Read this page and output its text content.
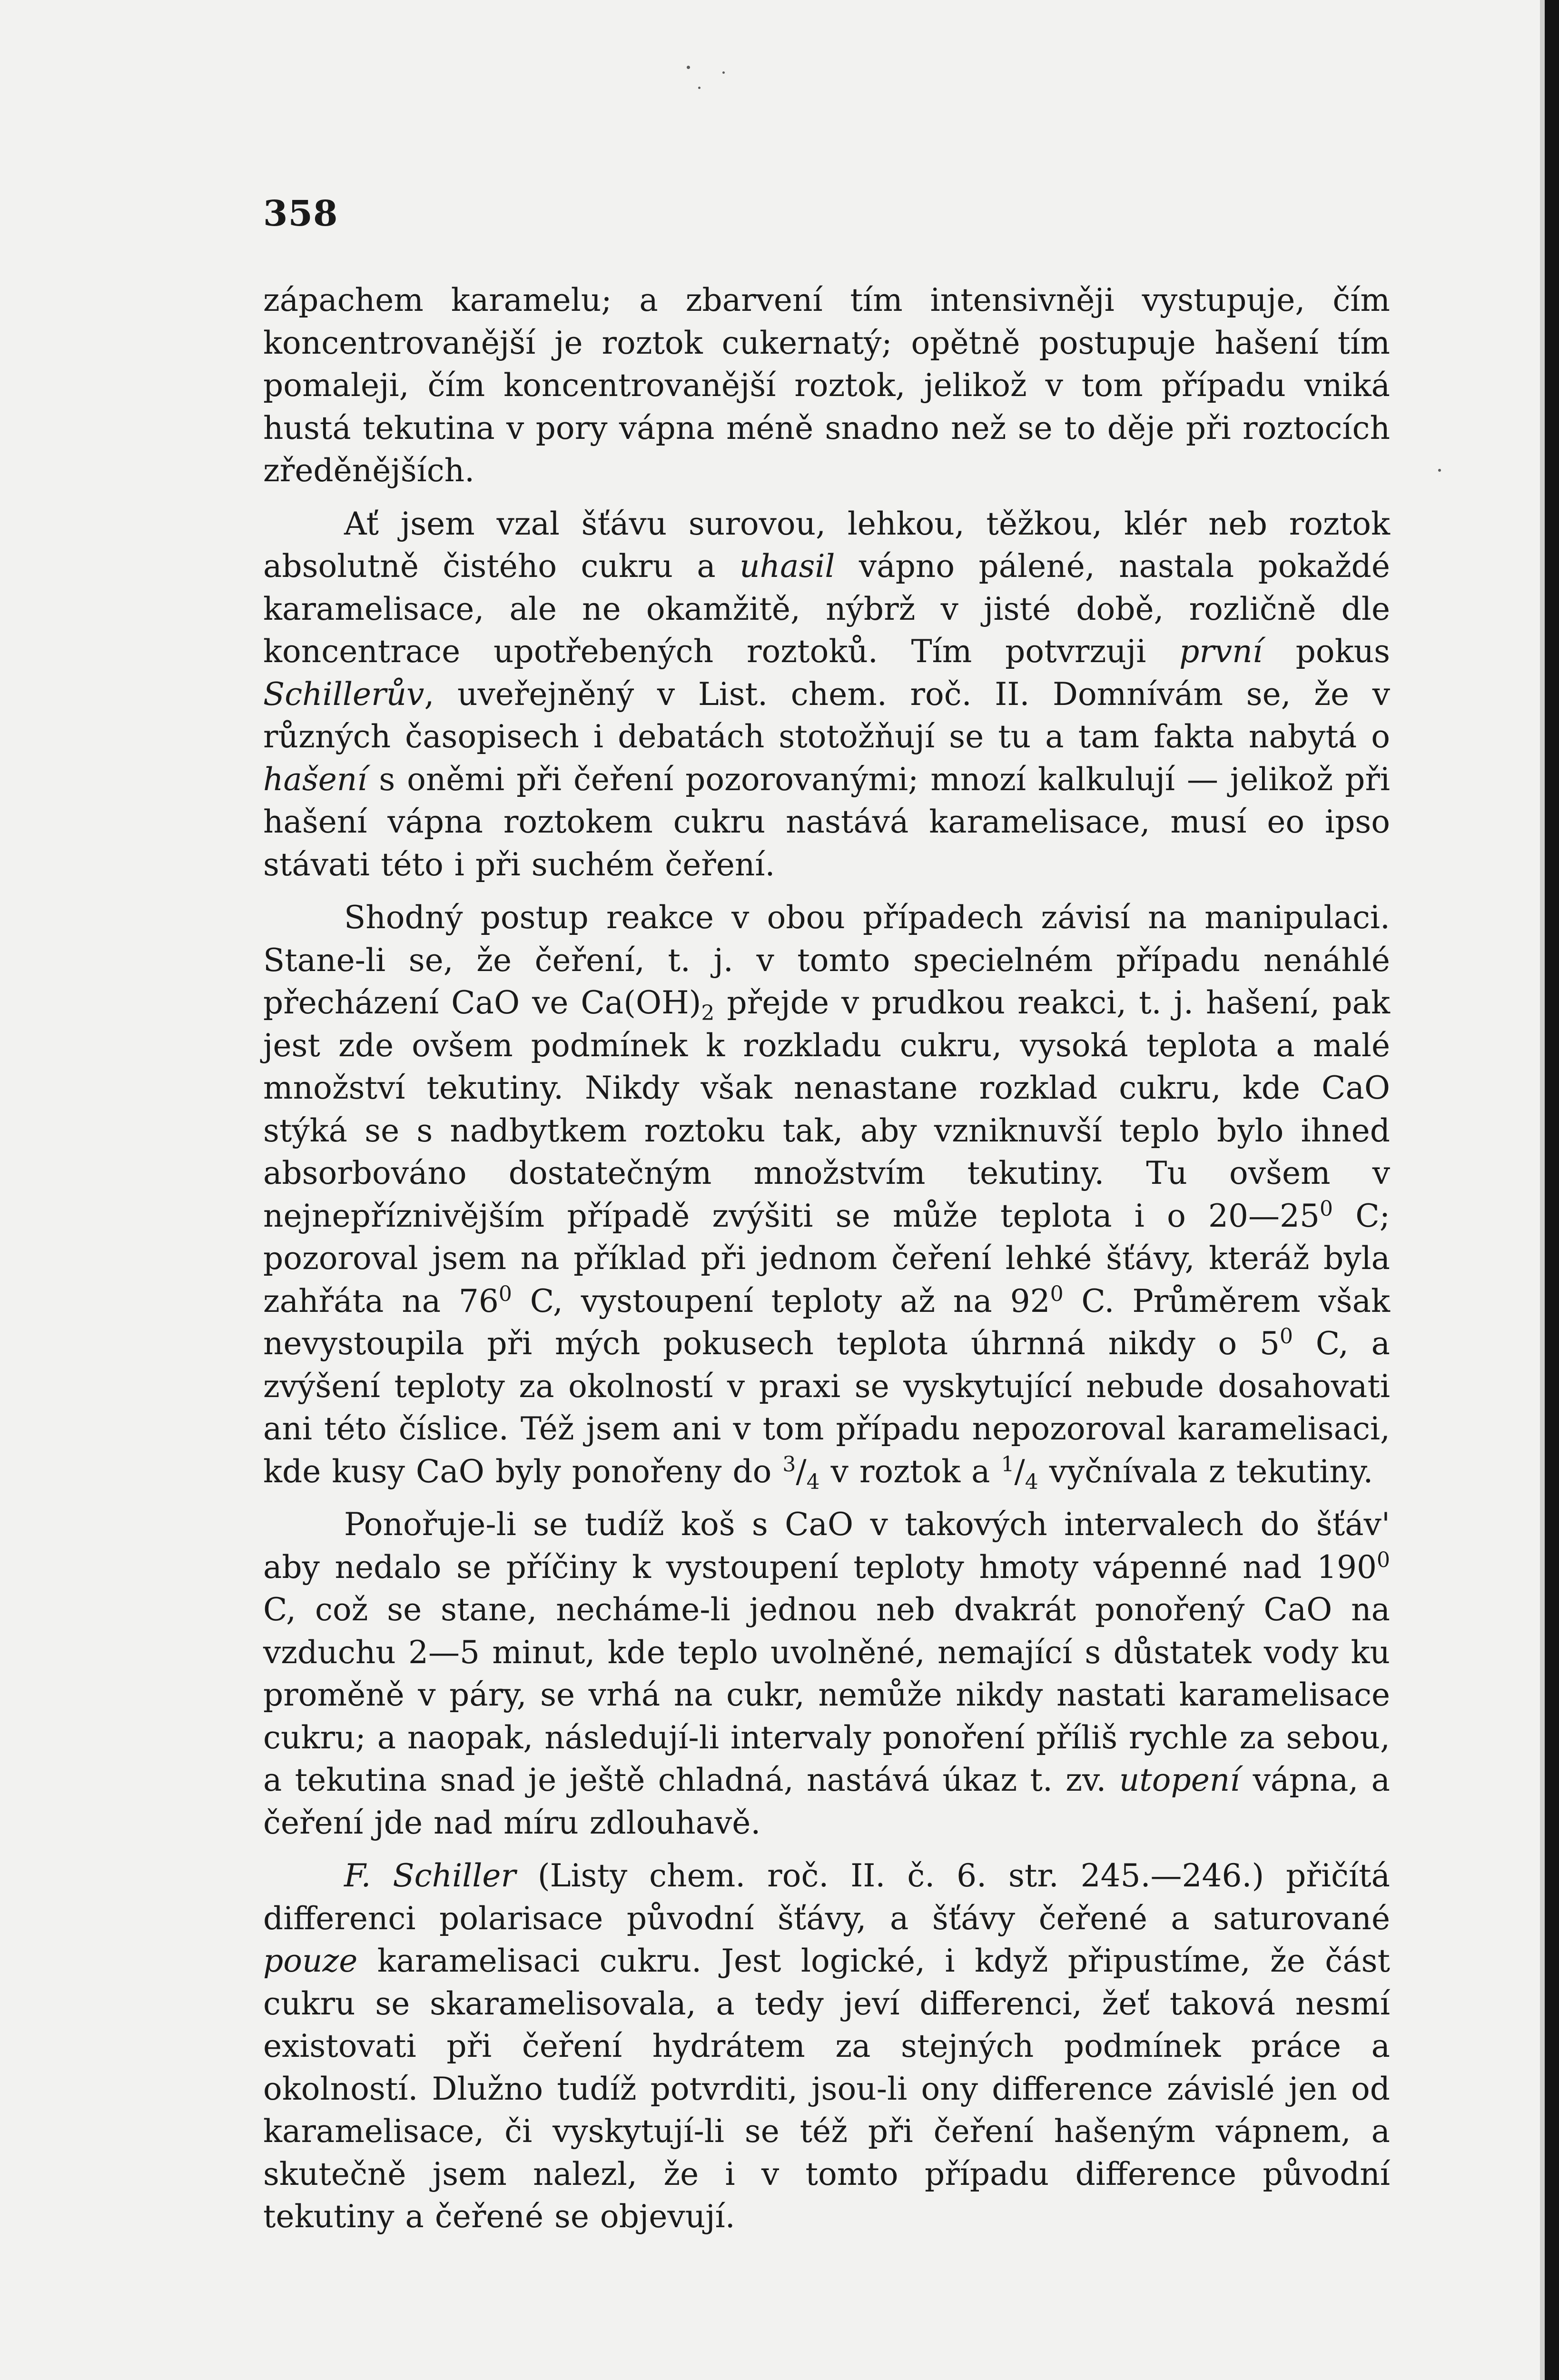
358

zápachem karamelu; a zbarvení tím intensivněji vystupuje, čím koncentrovanější je roztok cukernatý; opětně postupuje hašení tím pomaleji, čím koncentrovanější roztok, jelikož v tom případu vniká hustá tekutina v pory vápna méně snadno než se to děje při roztocích zředěnějších.

Ať jsem vzal šťávu surovou, lehkou, těžkou, klér neb roztok absolutně čistého cukru a uhasil vápno pálené, nastala pokaždé karamelisace, ale ne okamžitě, nýbrž v jisté době, rozličně dle koncentrace upotřebených roztoků. Tím potvrzuji první pokus Schillerův, uveřejněný v List. chem. roč. II. Domnívám se, že v různých časopisech i debatách stotožňují se tu a tam fakta nabytá o hašení s oněmi při čeření pozorovanými; mnozí kalkulují — jelikož při hašení vápna roztokem cukru nastává karamelisace, musí eo ipso stávati této i při suchém čeření.

Shodný postup reakce v obou případech závisí na manipulaci. Stane-li se, že čeření, t. j. v tomto specielném případu nenáhlé přecházení CaO ve $Ca(OH)_2$ přejde v prudkou reakci, t. j. hašení, pak jest zde ovšem podmínek k rozkladu cukru, vysoká teplota a malé množství tekutiny. Nikdy však nenastane rozklad cukru, kde CaO stýká se s nadbytkem roztoku tak, aby vzniknuvší teplo bylo ihned absorbováno dostatečným množstvím tekutiny. Tu ovšem v nejnepříznivějším případě zvýšiti se může teplota i o $20—25^0$ C; pozoroval jsem na příklad při jednom čeření lehké šťávy, kteráž byla zahřáta na $76^0$ C, vystoupení teploty až na $92^0$ C. Průměrem však nevystoupila při mých pokusech teplota úhrnná nikdy o $5^0$ C, a zvýšení teploty za okolností v praxi se vyskytující nebude dosahovati ani této číslice. Též jsem ani v tom případu nepozoroval karamelisaci, kde kusy CaO byly ponořeny do $^3/_4$ v roztok a $^1/_4$ vyčnívala z tekutiny.

Ponořuje-li se tudíž koš s CaO v takových intervalech do šťáv' aby nedalo se příčiny k vystoupení teploty hmoty vápenné nad $190^0$ C, což se stane, necháme-li jednou neb dvakrát ponořený CaO na vzduchu 2—5 minut, kde teplo uvolněné, nemající s důstatek vody ku proměně v páry, se vrhá na cukr, nemůže nikdy nastati karamelisace cukru; a naopak, následují-li intervaly ponoření příliš rychle za sebou, a tekutina snad je ještě chladná, nastává úkaz t. zv. utopení vápna, a čeření jde nad míru zdlouhavě.

F. Schiller (Listy chem. roč. II. č. 6. str. 245.—246.) přičítá differenci polarisace původní šťávy, a šťávy čeřené a saturované pouze karamelisaci cukru. Jest logické, i když připustíme, že část cukru se skaramelisovala, a tedy jeví differenci, žeť taková nesmí existovati při čeření hydrátem za stejných podmínek práce a okolností. Dlužno tudíž potvrditi, jsou-li ony difference závislé jen od karamelisace, či vyskytují-li se též při čeření hašeným vápnem, a skutečně jsem nalezl, že i v tomto případu difference původní tekutiny a čeřené se objevují.
